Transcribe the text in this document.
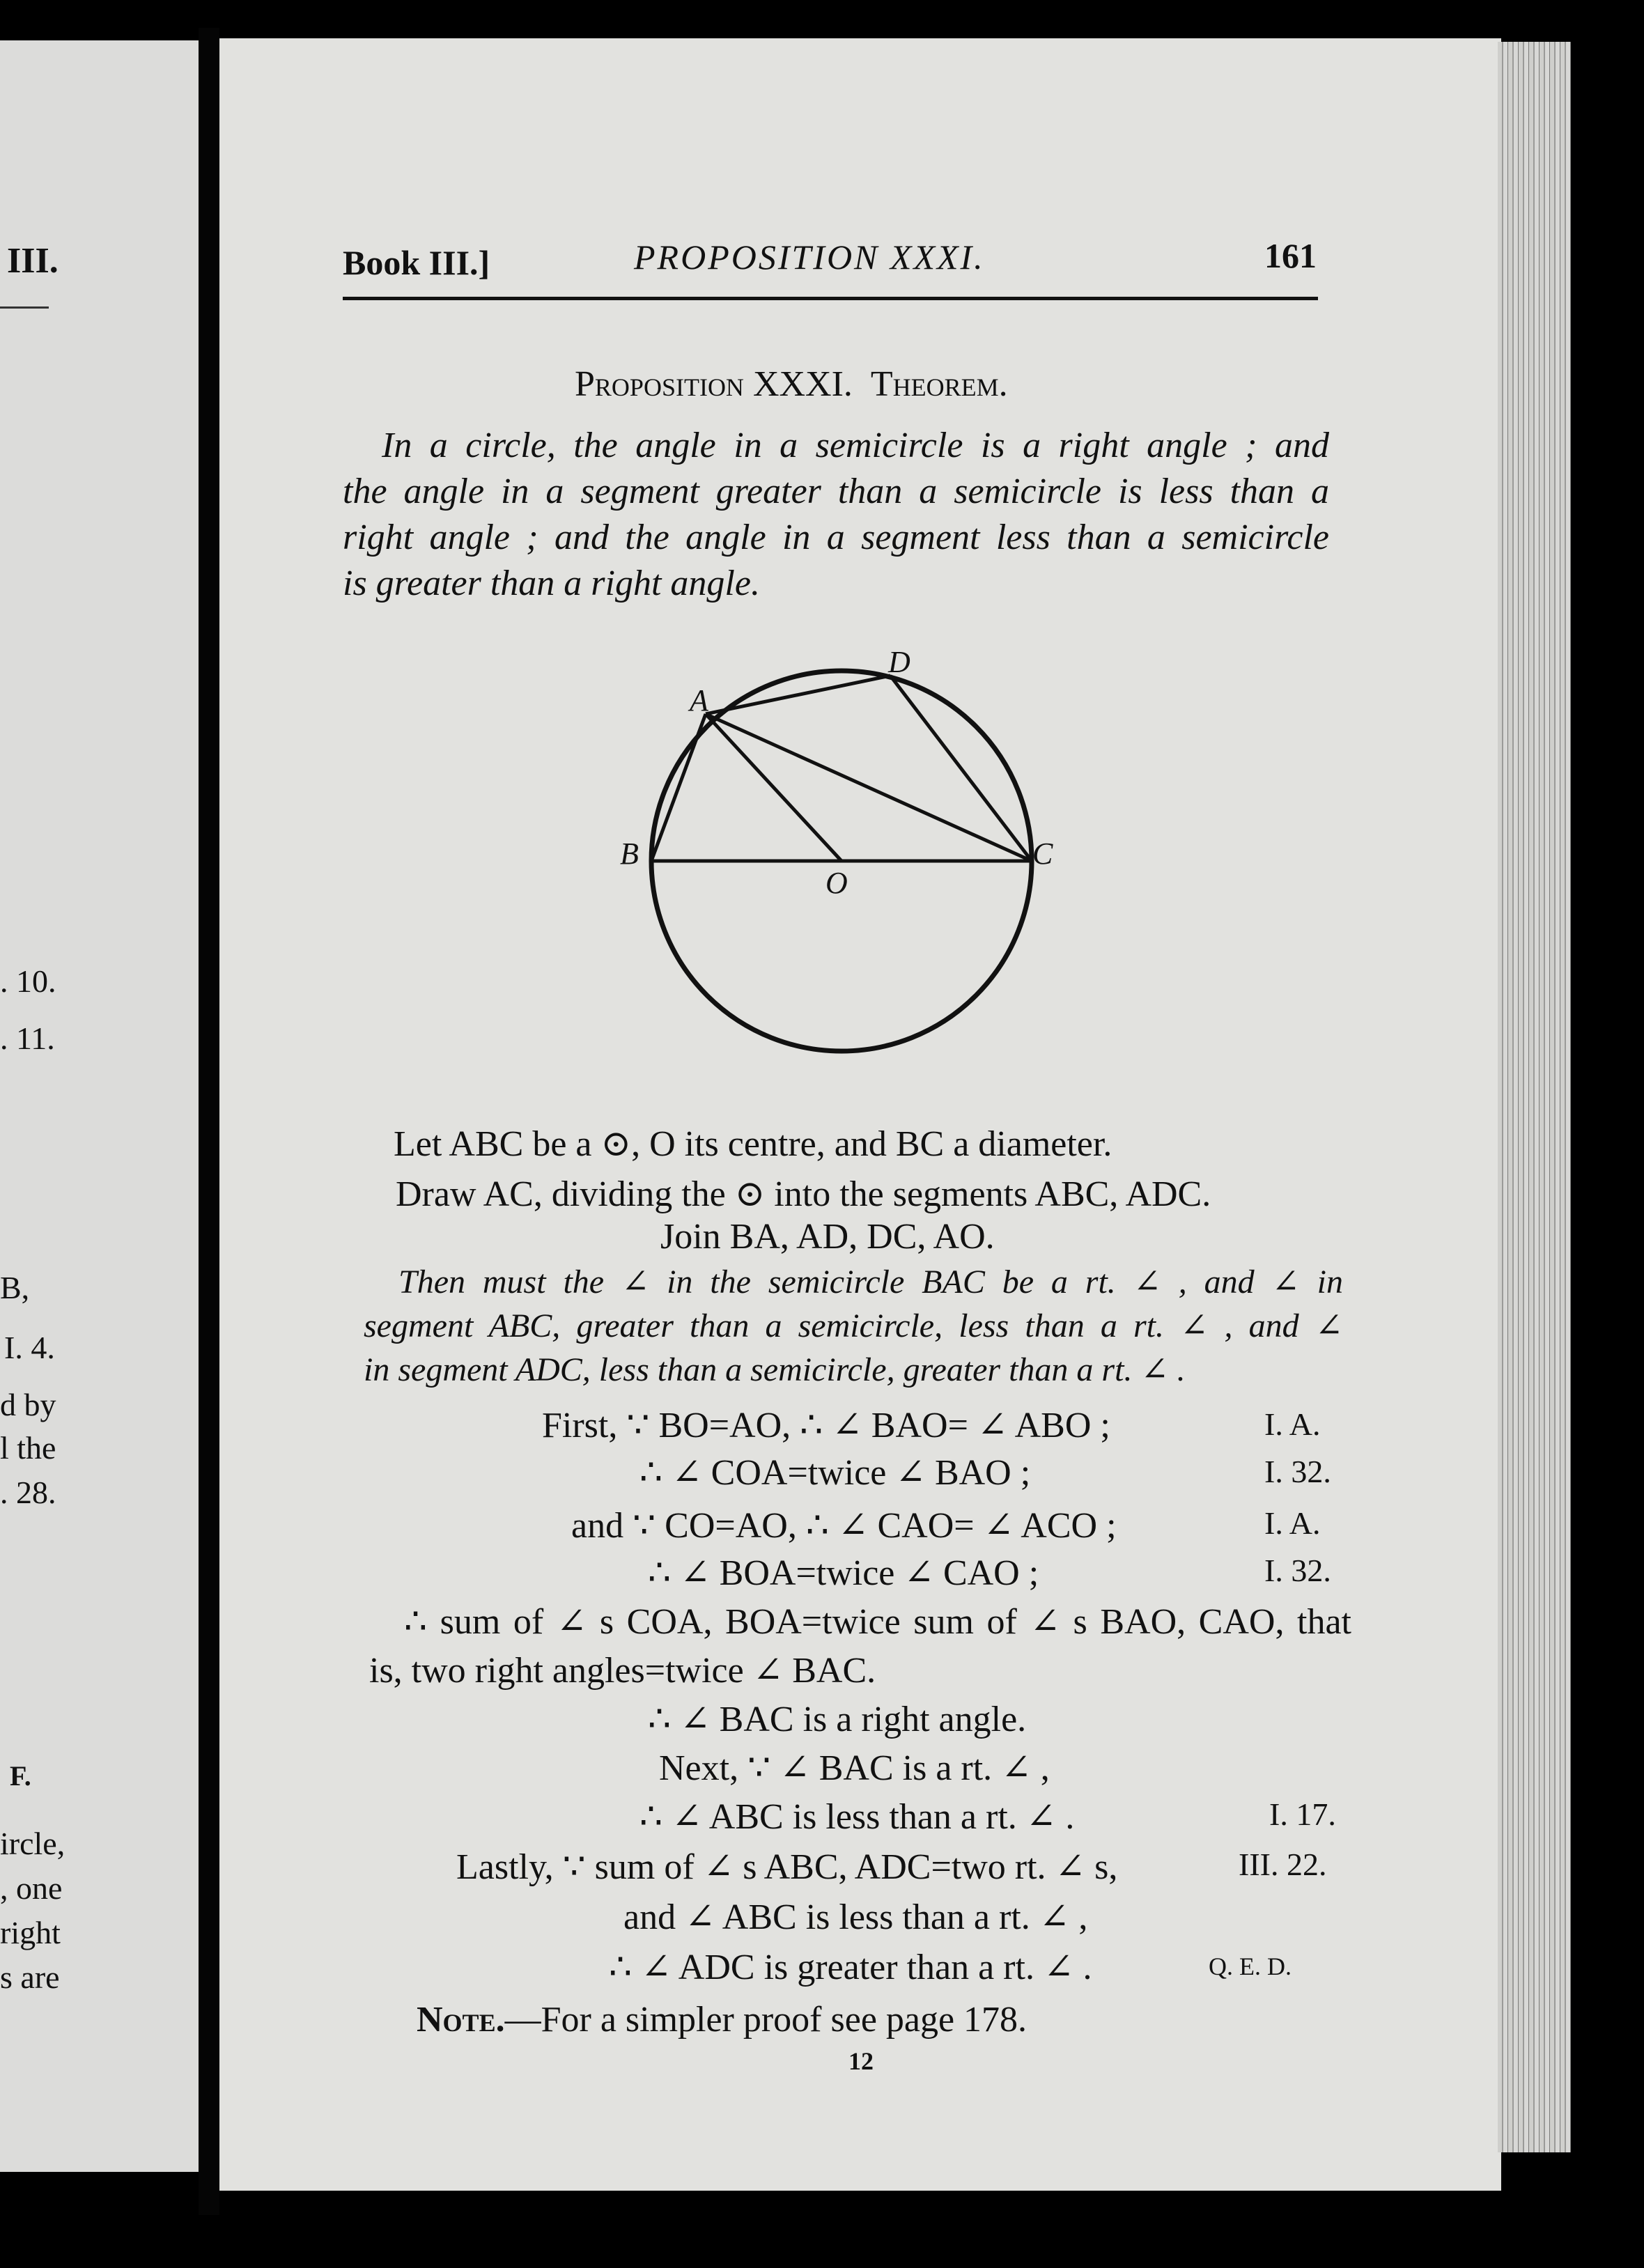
III.
. 10.
. 11.
B,
I. 4.
d by
l the
. 28.
F.
ircle,
, one
right
s are
Book III.]	PROPOSITION XXXI.	161
Proposition XXXI. Theorem.
In a circle, the angle in a semicircle is a right angle ; and
the angle in a segment greater than a semicircle is less than a
right angle ; and the angle in a segment less than a semicircle
is greater than a right angle.
A
B	C
D
O
Let ABC be a ⊙, O its centre, and BC a diameter.
Draw AC, dividing the ⊙ into the segments ABC, ADC.
Join BA, AD, DC, AO.
Then must the ∠ in the semicircle BAC be a rt. ∠ , and ∠ in
segment ABC, greater than a semicircle, less than a rt. ∠ , and ∠
in segment ADC, less than a semicircle, greater than a rt. ∠ .
First, ∵ BO=AO, ∴ ∠ BAO= ∠ ABO ;	I. A.
∴ ∠ COA=twice ∠ BAO ;	I. 32.
and ∵ CO=AO, ∴ ∠ CAO= ∠ ACO ;	I. A.
∴ ∠ BOA=twice ∠ CAO ;	I. 32.
∴ sum of ∠ s COA, BOA=twice sum of ∠ s BAO, CAO, that
is, two right angles=twice ∠ BAC.
∴ ∠ BAC is a right angle.
Next, ∵ ∠ BAC is a rt. ∠ ,
∴ ∠ ABC is less than a rt. ∠ .	I. 17.
Lastly, ∵ sum of ∠ s ABC, ADC=two rt. ∠ s,	III. 22.
and ∠ ABC is less than a rt. ∠ ,
∴ ∠ ADC is greater than a rt. ∠ .	Q. E. D.
Note.—For a simpler proof see page 178.
12
